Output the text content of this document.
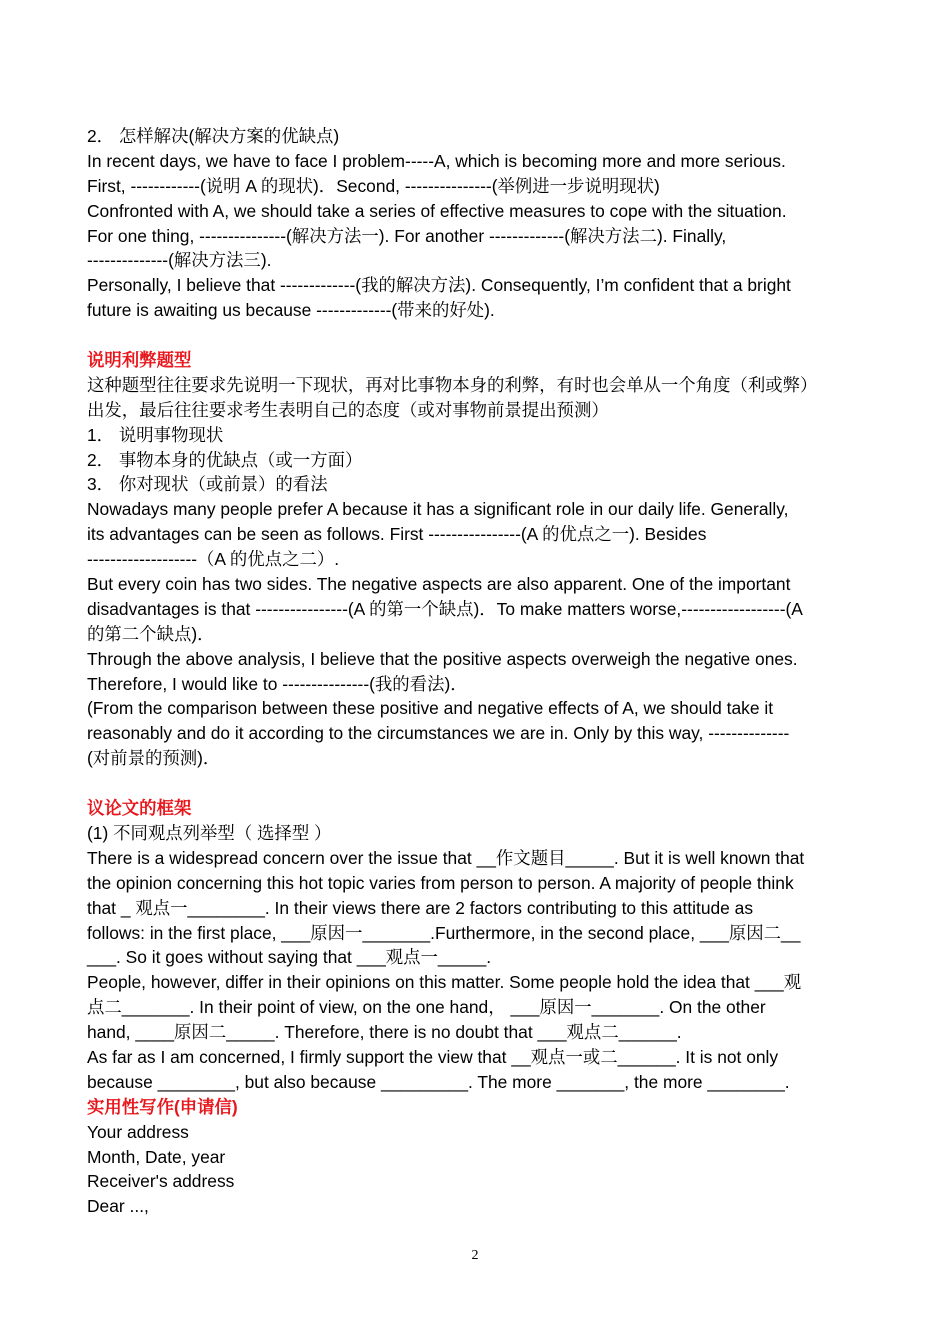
2． 怎样解决(解决方案的优缺点)
In recent days, we have to face I problem-----A, which is becoming more and more serious.
First, ------------(说明 A 的现状)．Second, ---------------(举例进一步说明现状)
Confronted with A, we should take a series of effective measures to cope with the situation.
For one thing, ---------------(解决方法一). For another -------------(解决方法二). Finally,
--------------(解决方法三).
Personally, I believe that -------------(我的解决方法). Consequently, I’m confident that a bright
future is awaiting us because -------------(带来的好处).
说明利弊题型
这种题型往往要求先说明一下现状，再对比事物本身的利弊，有时也会单从一个角度（利或弊）
出发，最后往往要求考生表明自己的态度（或对事物前景提出预测）
1． 说明事物现状
2． 事物本身的优缺点（或一方面）
3． 你对现状（或前景）的看法
Nowadays many people prefer A because it has a significant role in our daily life. Generally,
its advantages can be seen as follows. First ----------------(A 的优点之一). Besides
-------------------（A 的优点之二）.
But every coin has two sides. The negative aspects are also apparent. One of the important
disadvantages is that ----------------(A 的第一个缺点)．To make matters worse,------------------(A
的第二个缺点)．
Through the above analysis, I believe that the positive aspects overweigh the negative ones.
Therefore, I would like to ---------------(我的看法)．
(From the comparison between these positive and negative effects of A, we should take it
reasonably and do it according to the circumstances we are in. Only by this way, --------------
(对前景的预测)．
议论文的框架
(1) 不同观点列举型（ 选择型 ）
There is a widespread concern over the issue that __作文题目_____. But it is well known that
the opinion concerning this hot topic varies from person to person. A majority of people think
that _ 观点一________. In their views there are 2 factors contributing to this attitude as
follows: in the first place, ___原因一_______.Furthermore, in the second place, ___原因二__
___. So it goes without saying that ___观点一_____.
People, however, differ in their opinions on this matter. Some people hold the idea that ___观
点二_______. In their point of view, on the one hand， ___原因一_______. On the other
hand, ____原因二_____. Therefore, there is no doubt that ___观点二______.
As far as I am concerned, I firmly support the view that __观点一或二______. It is not only
because ________, but also because _________. The more _______, the more ________.
实用性写作(申请信)
Your address
Month, Date, year
Receiver's address
Dear ...,
2
